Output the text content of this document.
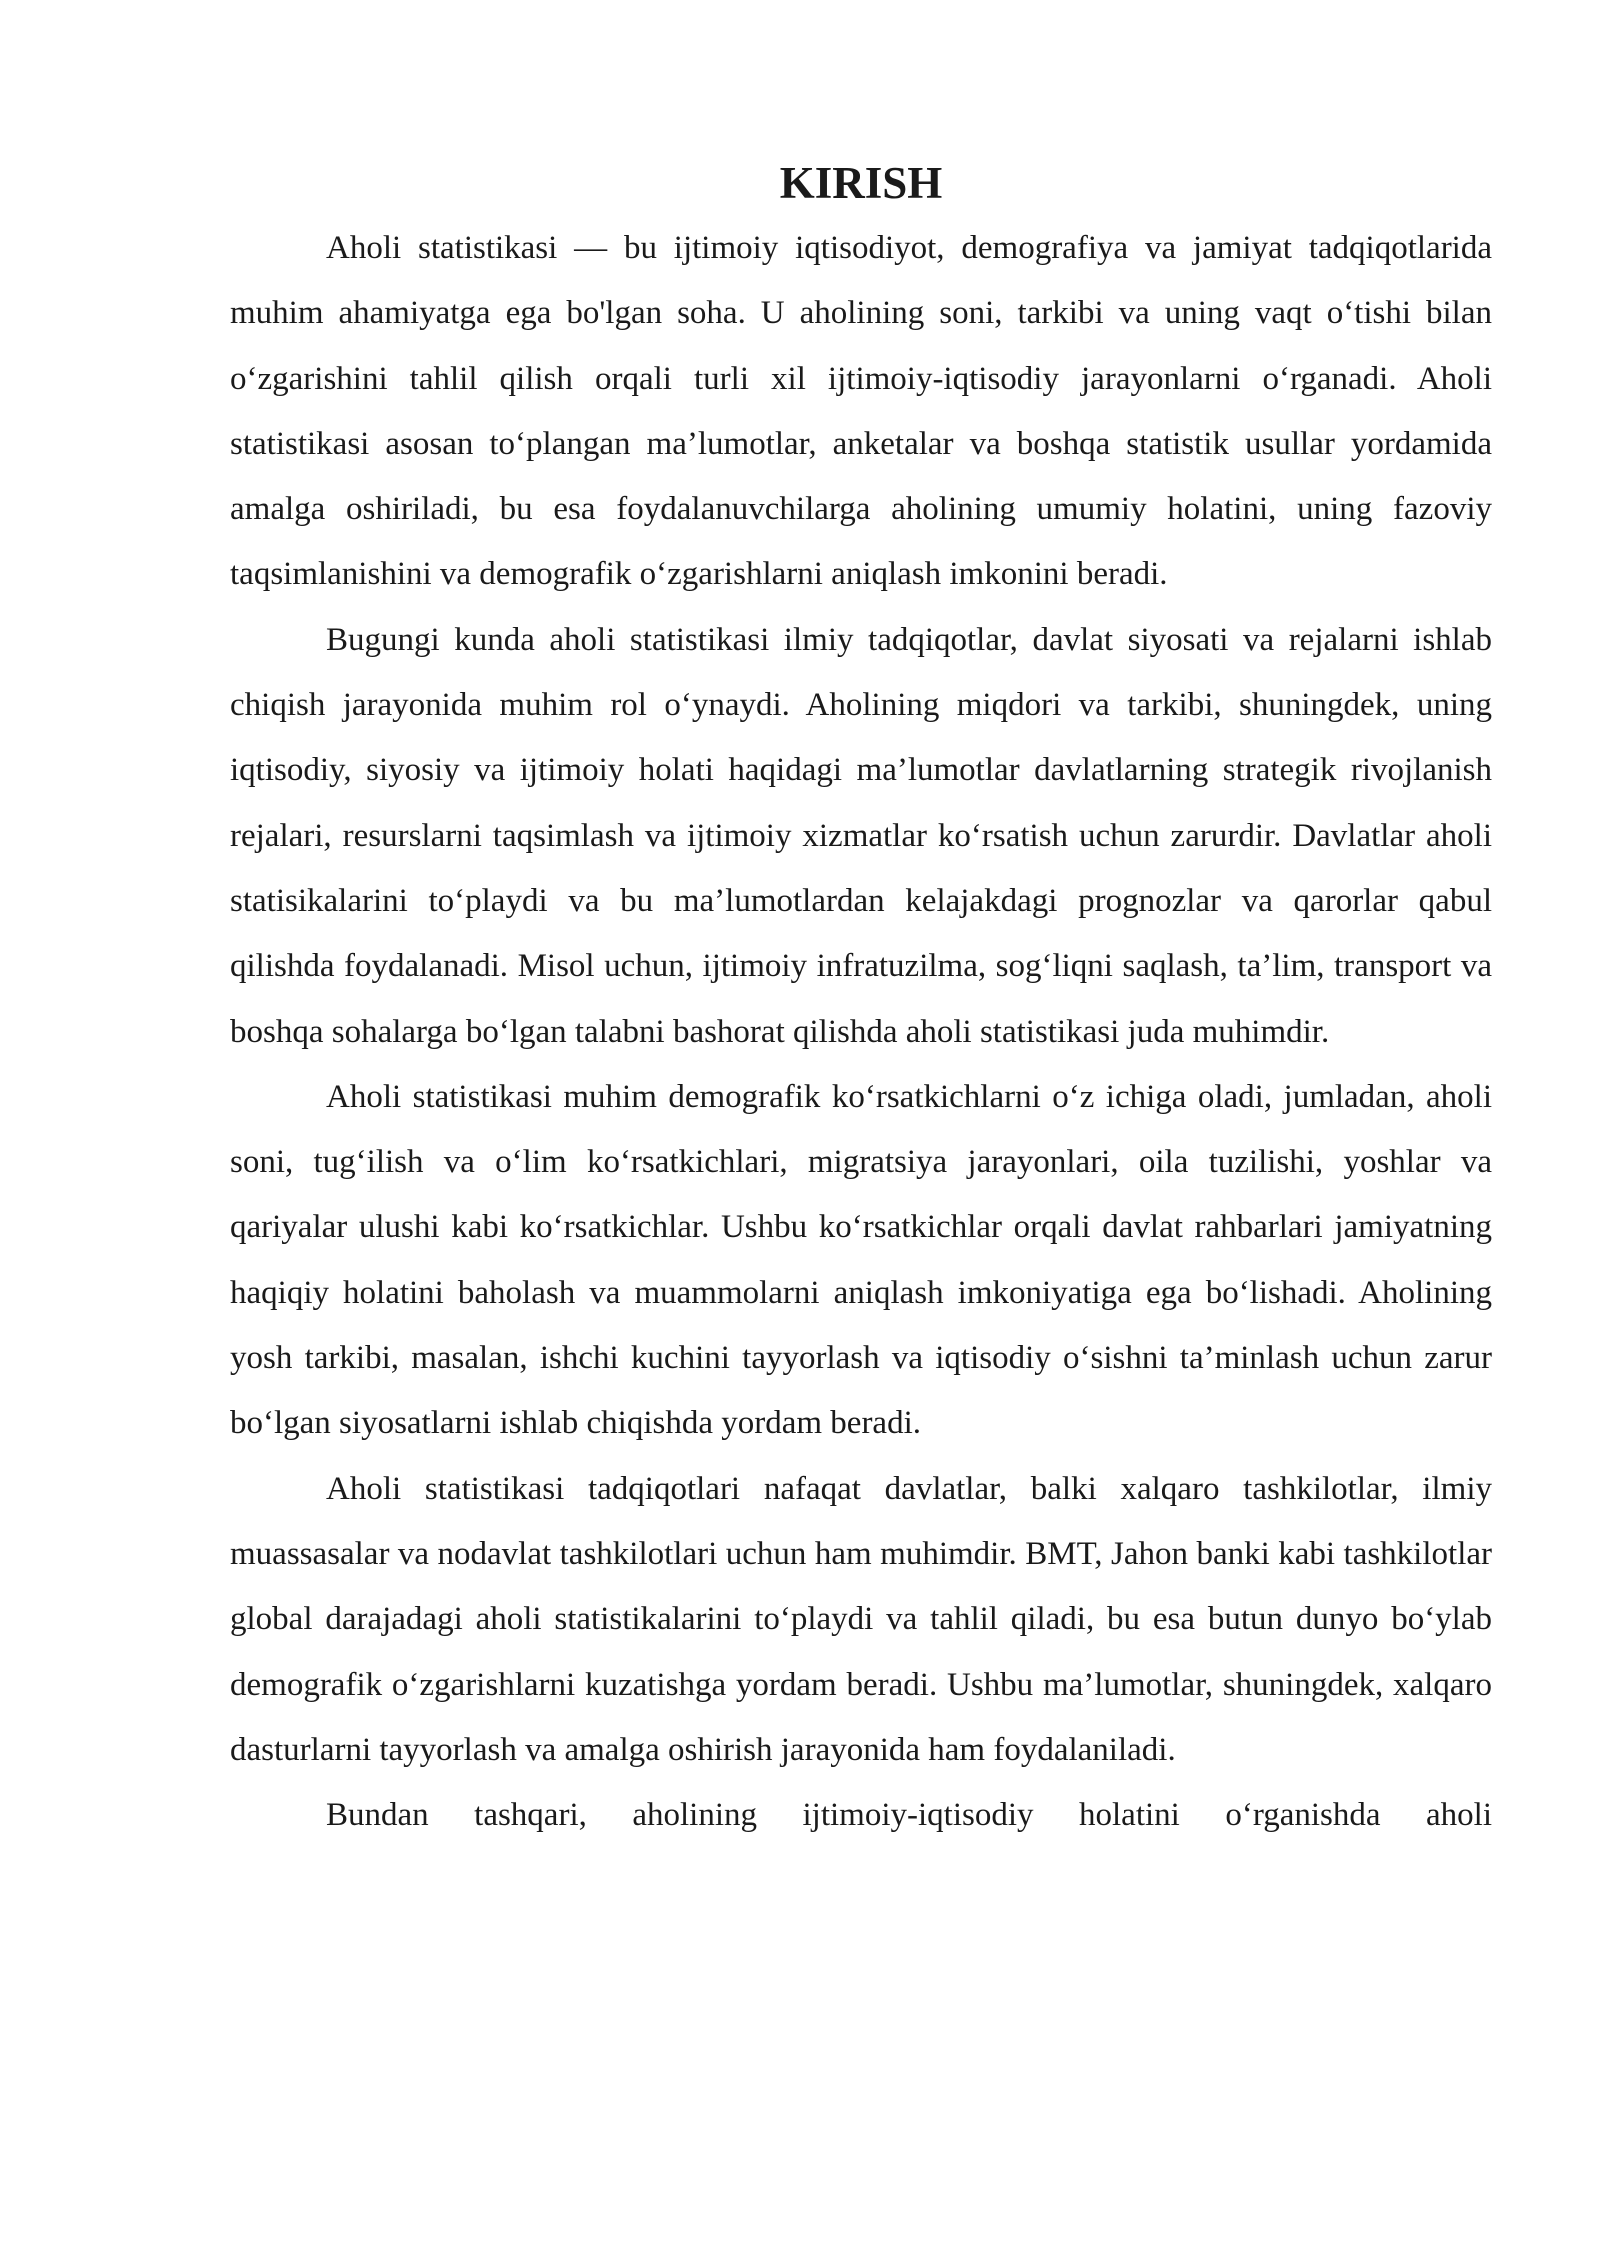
KIRISH

Aholi statistikasi — bu ijtimoiy iqtisodiyot, demografiya va jamiyat tadqiqotlarida muhim ahamiyatga ega bo'lgan soha. U aholining soni, tarkibi va uning vaqt o‘tishi bilan o‘zgarishini tahlil qilish orqali turli xil ijtimoiy-iqtisodiy jarayonlarni o‘rganadi. Aholi statistikasi asosan to‘plangan ma’lumotlar, anketalar va boshqa statistik usullar yordamida amalga oshiriladi, bu esa foydalanuvchilarga aholining umumiy holatini, uning fazoviy taqsimlanishini va demografik o‘zgarishlarni aniqlash imkonini beradi.

Bugungi kunda aholi statistikasi ilmiy tadqiqotlar, davlat siyosati va rejalarni ishlab chiqish jarayonida muhim rol o‘ynaydi. Aholining miqdori va tarkibi, shuningdek, uning iqtisodiy, siyosiy va ijtimoiy holati haqidagi ma’lumotlar davlatlarning strategik rivojlanish rejalari, resurslarni taqsimlash va ijtimoiy xizmatlar ko‘rsatish uchun zarurdir. Davlatlar aholi statisikalarini to‘playdi va bu ma’lumotlardan kelajakdagi prognozlar va qarorlar qabul qilishda foydalanadi. Misol uchun, ijtimoiy infratuzilma, sog‘liqni saqlash, ta’lim, transport va boshqa sohalarga bo‘lgan talabni bashorat qilishda aholi statistikasi juda muhimdir.

Aholi statistikasi muhim demografik ko‘rsatkichlarni o‘z ichiga oladi, jumladan, aholi soni, tug‘ilish va o‘lim ko‘rsatkichlari, migratsiya jarayonlari, oila tuzilishi, yoshlar va qariyalar ulushi kabi ko‘rsatkichlar. Ushbu ko‘rsatkichlar orqali davlat rahbarlari jamiyatning haqiqiy holatini baholash va muammolarni aniqlash imkoniyatiga ega bo‘lishadi. Aholining yosh tarkibi, masalan, ishchi kuchini tayyorlash va iqtisodiy o‘sishni ta’minlash uchun zarur bo‘lgan siyosatlarni ishlab chiqishda yordam beradi.

Aholi statistikasi tadqiqotlari nafaqat davlatlar, balki xalqaro tashkilotlar, ilmiy muassasalar va nodavlat tashkilotlari uchun ham muhimdir. BMT, Jahon banki kabi tashkilotlar global darajadagi aholi statistikalarini to‘playdi va tahlil qiladi, bu esa butun dunyo bo‘ylab demografik o‘zgarishlarni kuzatishga yordam beradi. Ushbu ma’lumotlar, shuningdek, xalqaro dasturlarni tayyorlash va amalga oshirish jarayonida ham foydalaniladi.

Bundan tashqari, aholining ijtimoiy-iqtisodiy holatini o‘rganishda aholi
